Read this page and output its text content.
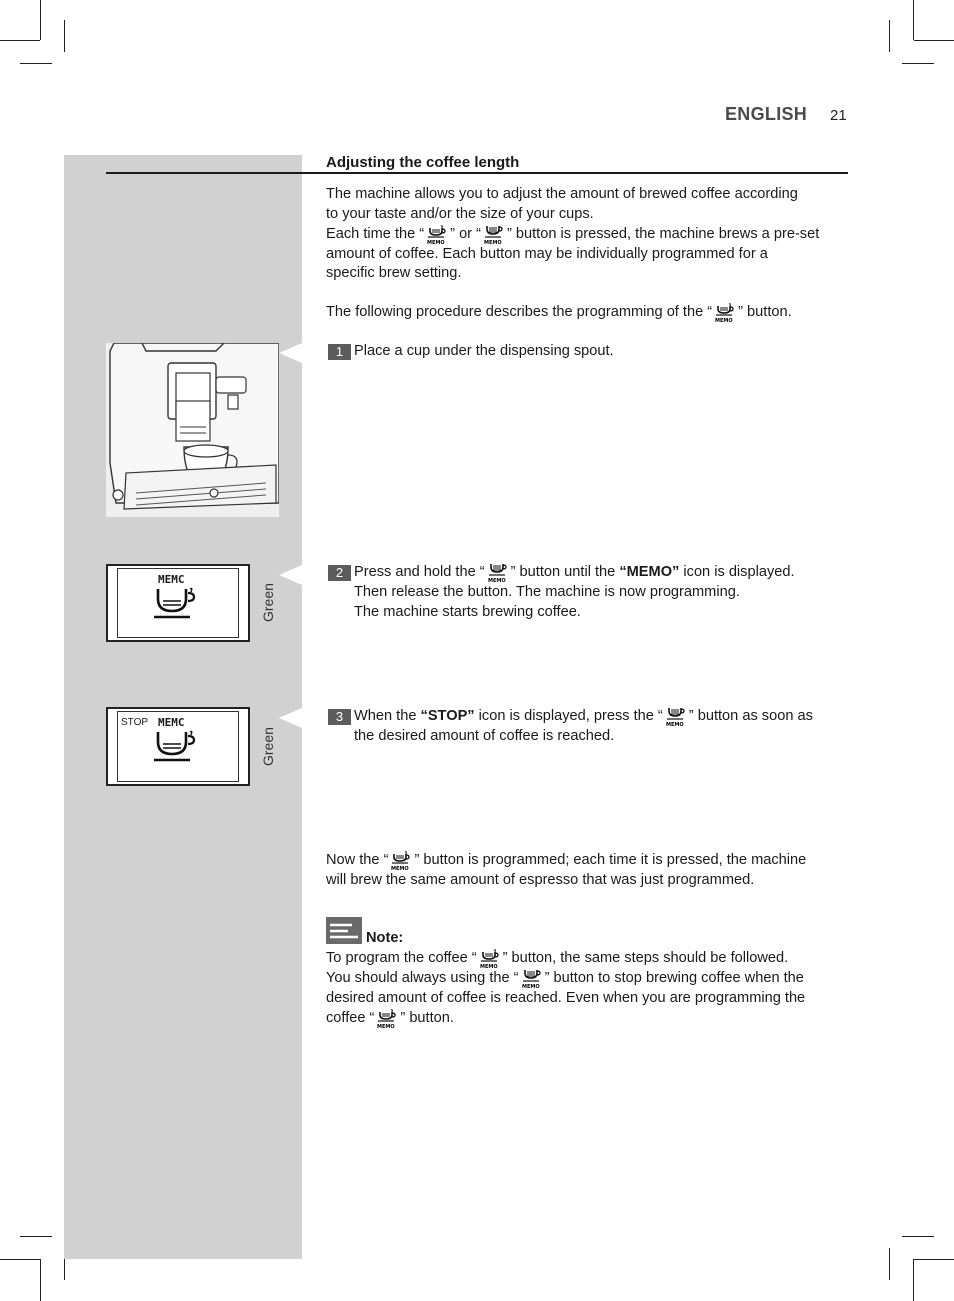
ENGLISH 21
Adjusting the coffee length
The machine allows you to adjust the amount of brewed coffee according
to your taste and/or the size of your cups.
Each time the “
MEMO
” or “
MEMO
” button is pressed, the machine brews a pre-set
amount of coffee. Each button may be individually programmed for a
specific brew setting.
The following procedure describes the programming of the “
MEMO
” button.
1 Place a cup under the dispensing spout.
MEMC
Green
2 Press and hold the “
MEMO
” button until the “MEMO” icon is displayed.
Then release the button. The machine is now programming.
The machine starts brewing coffee.
STOP MEMC
Green
3 When the “STOP” icon is displayed, press the “
MEMO
” button as soon as
the desired amount of coffee is reached.
Now the “
MEMO
” button is programmed; each time it is pressed, the machine
will brew the same amount of espresso that was just programmed.
Note:
To program the coffee “
MEMO
” button, the same steps should be followed.
You should always using the “
MEMO
” button to stop brewing coffee when the
desired amount of coffee is reached. Even when you are programming the
coffee “
MEMO
” button.
